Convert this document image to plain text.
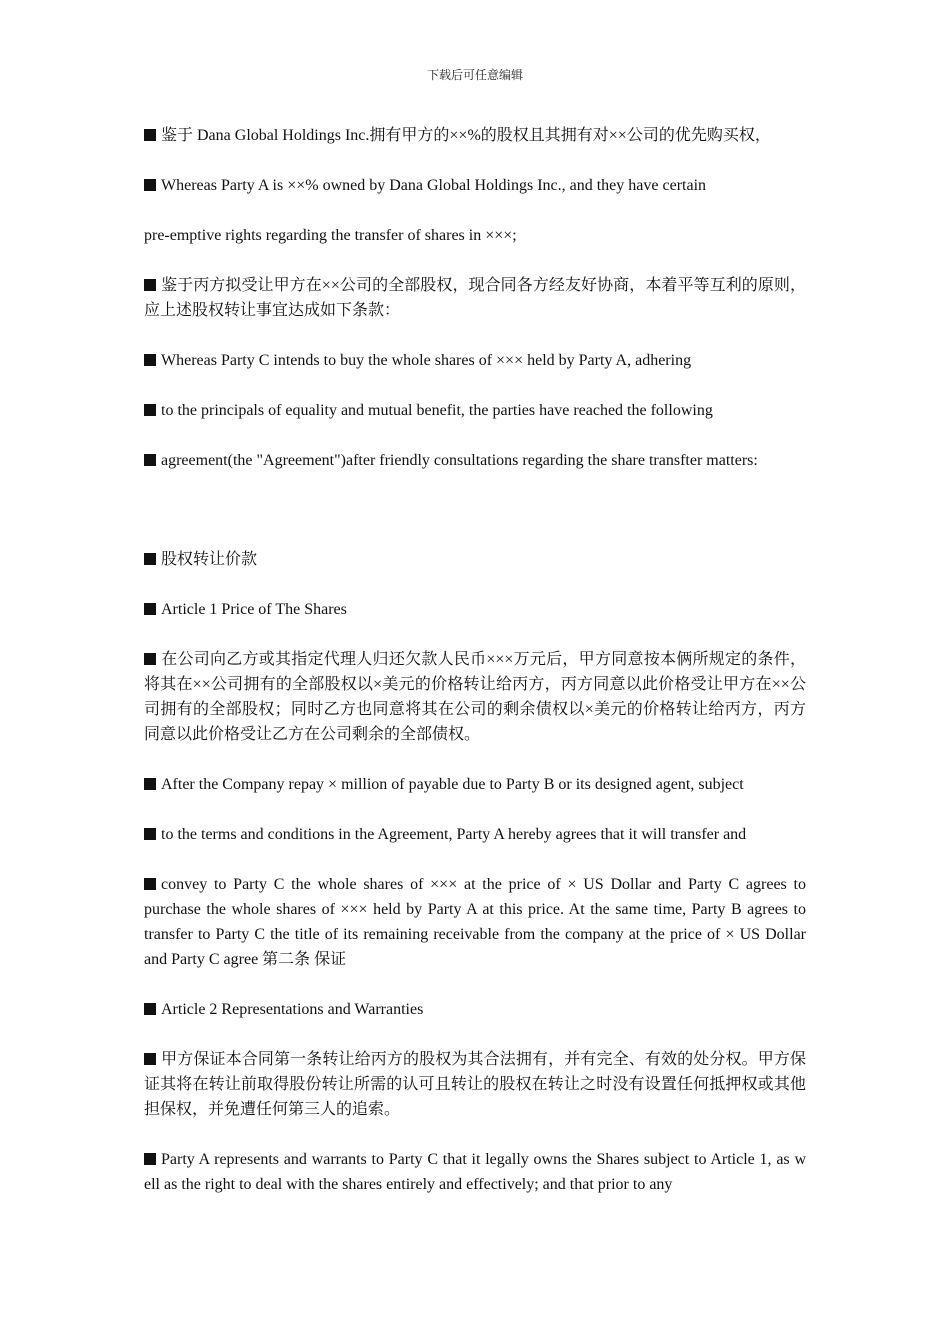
下载后可任意编辑

鉴于 Dana Global Holdings Inc.拥有甲方的××%的股权且其拥有对××公司的优先购买权，

Whereas Party A is ××% owned by Dana Global Holdings Inc., and they have certain

pre-emptive rights regarding the transfer of shares in ×××;

鉴于丙方拟受让甲方在××公司的全部股权，现合同各方经友好协商，本着平等互利的原则，应上述股权转让事宜达成如下条款：

Whereas Party C intends to buy the whole shares of ××× held by Party A, adhering

to the principals of equality and mutual benefit, the parties have reached the following

agreement(the "Agreement")after friendly consultations regarding the share transfter matters:

股权转让价款

Article 1 Price of The Shares

在公司向乙方或其指定代理人归还欠款人民币×××万元后，甲方同意按本俩所规定的条件，将其在××公司拥有的全部股权以×美元的价格转让给丙方，丙方同意以此价格受让甲方在××公司拥有的全部股权；同时乙方也同意将其在公司的剩余债权以×美元的价格转让给丙方，丙方同意以此价格受让乙方在公司剩余的全部债权。

After the Company repay × million of payable due to Party B or its designed agent, subject

to the terms and conditions in the Agreement, Party A hereby agrees that it will transfer and

convey to Party C the whole shares of ××× at the price of × US Dollar and Party C agrees to purchase the whole shares of ××× held by Party A at this price. At the same time, Party B agrees to transfer to Party C the title of its remaining receivable from the company at the price of × US Dollar and Party C agree 第二条 保证

Article 2 Representations and Warranties

甲方保证本合同第一条转让给丙方的股权为其合法拥有，并有完全、有效的处分权。甲方保证其将在转让前取得股份转让所需的认可且转让的股权在转让之时没有设置任何抵押权或其他担保权，并免遭任何第三人的追索。

Party A represents and warrants to Party C that it legally owns the Shares subject to Article 1, as w ell as the right to deal with the shares entirely and effectively; and that prior to any
